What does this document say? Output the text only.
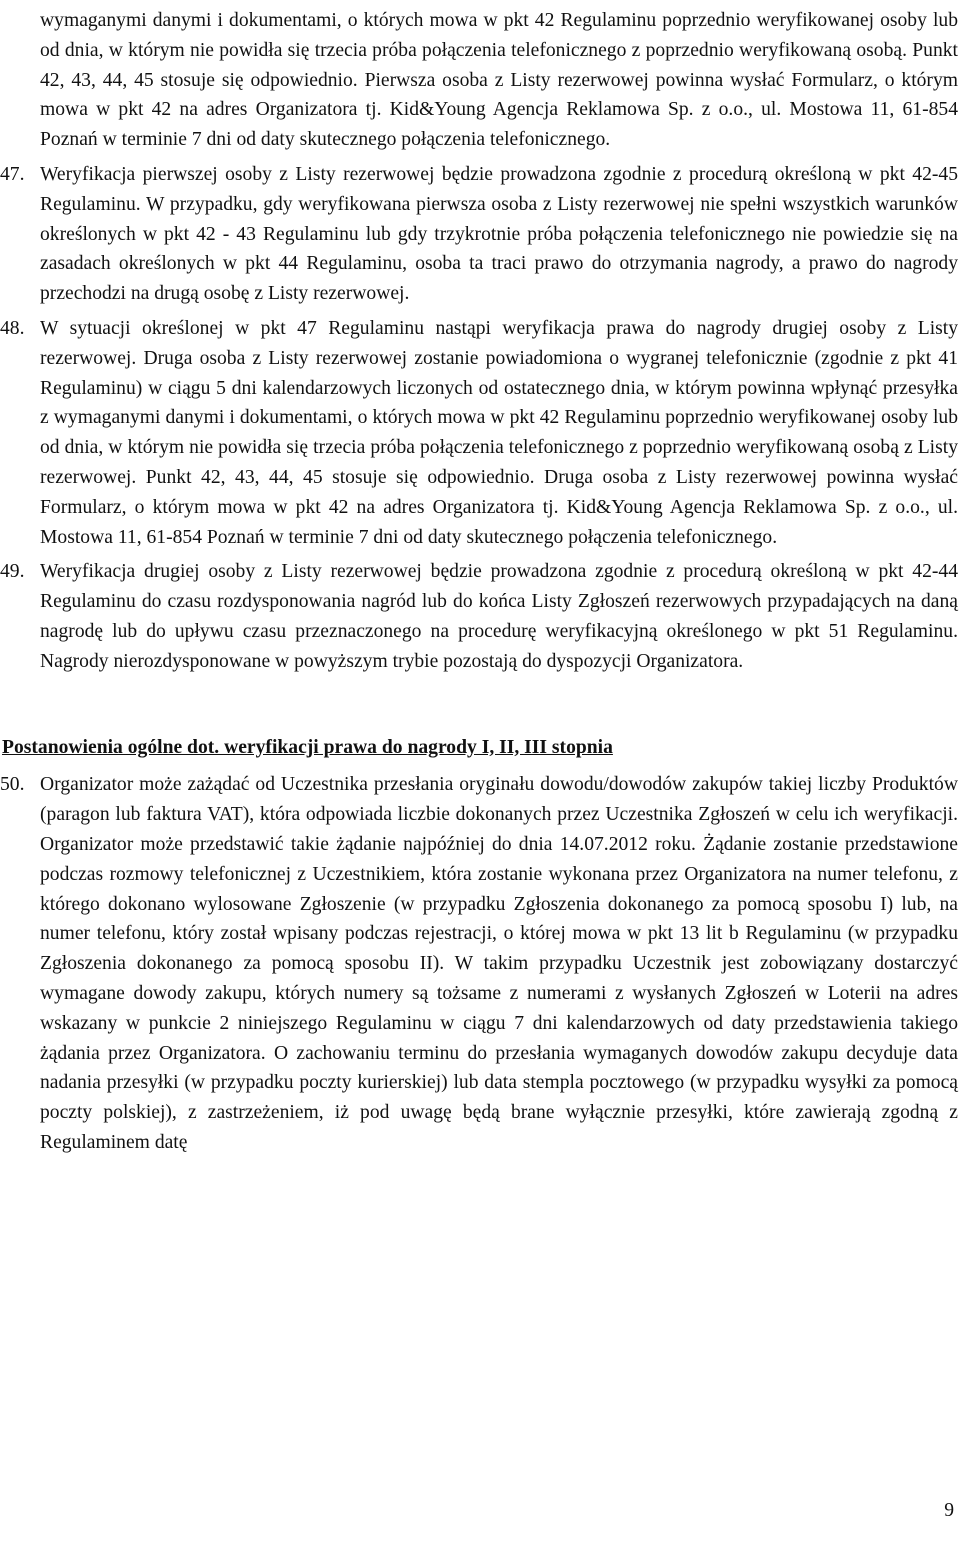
wymaganymi danymi i dokumentami, o których mowa w pkt 42 Regulaminu poprzednio weryfikowanej osoby lub od dnia, w którym nie powidła się trzecia próba połączenia telefonicznego z poprzednio weryfikowaną osobą. Punkt 42, 43, 44, 45 stosuje się odpowiednio. Pierwsza osoba z Listy rezerwowej powinna wysłać Formularz, o którym mowa w pkt 42 na adres Organizatora tj. Kid&Young Agencja Reklamowa Sp. z o.o., ul. Mostowa 11, 61-854 Poznań w terminie 7 dni od daty skutecznego połączenia telefonicznego.

47. Weryfikacja pierwszej osoby z Listy rezerwowej będzie prowadzona zgodnie z procedurą określoną w pkt 42-45 Regulaminu. W przypadku, gdy weryfikowana pierwsza osoba z Listy rezerwowej nie spełni wszystkich warunków określonych w pkt 42 - 43 Regulaminu lub gdy trzykrotnie próba połączenia telefonicznego nie powiedzie się na zasadach określonych w pkt 44 Regulaminu, osoba ta traci prawo do otrzymania nagrody, a prawo do nagrody przechodzi na drugą osobę z Listy rezerwowej.

48. W sytuacji określonej w pkt 47 Regulaminu nastąpi weryfikacja prawa do nagrody drugiej osoby z Listy rezerwowej. Druga osoba z Listy rezerwowej zostanie powiadomiona o wygranej telefonicznie (zgodnie z pkt 41 Regulaminu) w ciągu 5 dni kalendarzowych liczonych od ostatecznego dnia, w którym powinna wpłynąć przesyłka z wymaganymi danymi i dokumentami, o których mowa w pkt 42 Regulaminu poprzednio weryfikowanej osoby lub od dnia, w którym nie powidła się trzecia próba połączenia telefonicznego z poprzednio weryfikowaną osobą z Listy rezerwowej. Punkt 42, 43, 44, 45 stosuje się odpowiednio. Druga osoba z Listy rezerwowej powinna wysłać Formularz, o którym mowa w pkt 42 na adres Organizatora tj. Kid&Young Agencja Reklamowa Sp. z o.o., ul. Mostowa 11, 61-854 Poznań w terminie 7 dni od daty skutecznego połączenia telefonicznego.

49. Weryfikacja drugiej osoby z Listy rezerwowej będzie prowadzona zgodnie z procedurą określoną w pkt 42-44 Regulaminu do czasu rozdysponowania nagród lub do końca Listy Zgłoszeń rezerwowych przypadających na daną nagrodę lub do upływu czasu przeznaczonego na procedurę weryfikacyjną określonego w pkt 51 Regulaminu. Nagrody nierozdysponowane w powyższym trybie pozostają do dyspozycji Organizatora.

Postanowienia ogólne dot. weryfikacji prawa do nagrody I, II, III stopnia

50. Organizator może zażądać od Uczestnika przesłania oryginału dowodu/dowodów zakupów takiej liczby Produktów (paragon lub faktura VAT), która odpowiada liczbie dokonanych przez Uczestnika Zgłoszeń w celu ich weryfikacji. Organizator może przedstawić takie żądanie najpóźniej do dnia 14.07.2012 roku. Żądanie zostanie przedstawione podczas rozmowy telefonicznej z Uczestnikiem, która zostanie wykonana przez Organizatora na numer telefonu, z którego dokonano wylosowane Zgłoszenie (w przypadku Zgłoszenia dokonanego za pomocą sposobu I) lub, na numer telefonu, który został wpisany podczas rejestracji, o której mowa w pkt 13 lit b Regulaminu (w przypadku Zgłoszenia dokonanego za pomocą sposobu II). W takim przypadku Uczestnik jest zobowiązany dostarczyć wymagane dowody zakupu, których numery są tożsame z numerami z wysłanych Zgłoszeń w Loterii na adres wskazany w punkcie 2 niniejszego Regulaminu w ciągu 7 dni kalendarzowych od daty przedstawienia takiego żądania przez Organizatora. O zachowaniu terminu do przesłania wymaganych dowodów zakupu decyduje data nadania przesyłki (w przypadku poczty kurierskiej) lub data stempla pocztowego (w przypadku wysyłki za pomocą poczty polskiej), z zastrzeżeniem, iż pod uwagę będą brane wyłącznie przesyłki, które zawierają zgodną z Regulaminem datę

9
